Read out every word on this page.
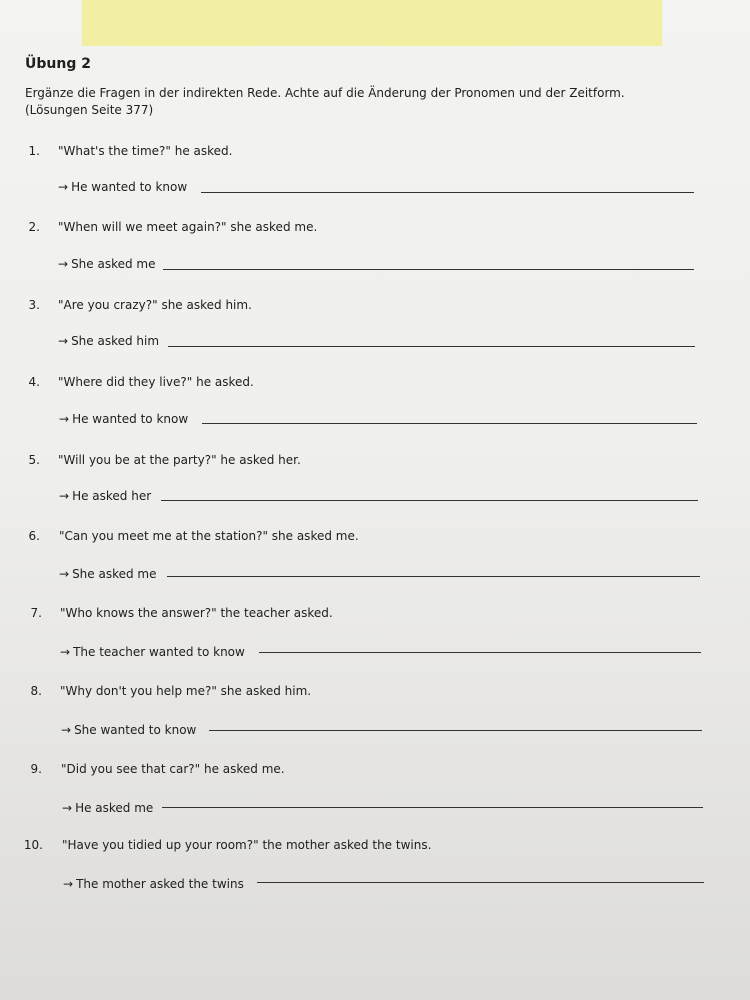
Übung 2
Ergänze die Fragen in der indirekten Rede. Achte auf die Änderung der Pronomen und der Zeitform.
(Lösungen Seite 377)
1. "What's the time?" he asked.
→ He wanted to know
2. "When will we meet again?" she asked me.
→ She asked me
3. "Are you crazy?" she asked him.
→ She asked him
4. "Where did they live?" he asked.
→ He wanted to know
5. "Will you be at the party?" he asked her.
→ He asked her
6. "Can you meet me at the station?" she asked me.
→ She asked me
7. "Who knows the answer?" the teacher asked.
→ The teacher wanted to know
8. "Why don't you help me?" she asked him.
→ She wanted to know
9. "Did you see that car?" he asked me.
→ He asked me
10. "Have you tidied up your room?" the mother asked the twins.
→ The mother asked the twins
